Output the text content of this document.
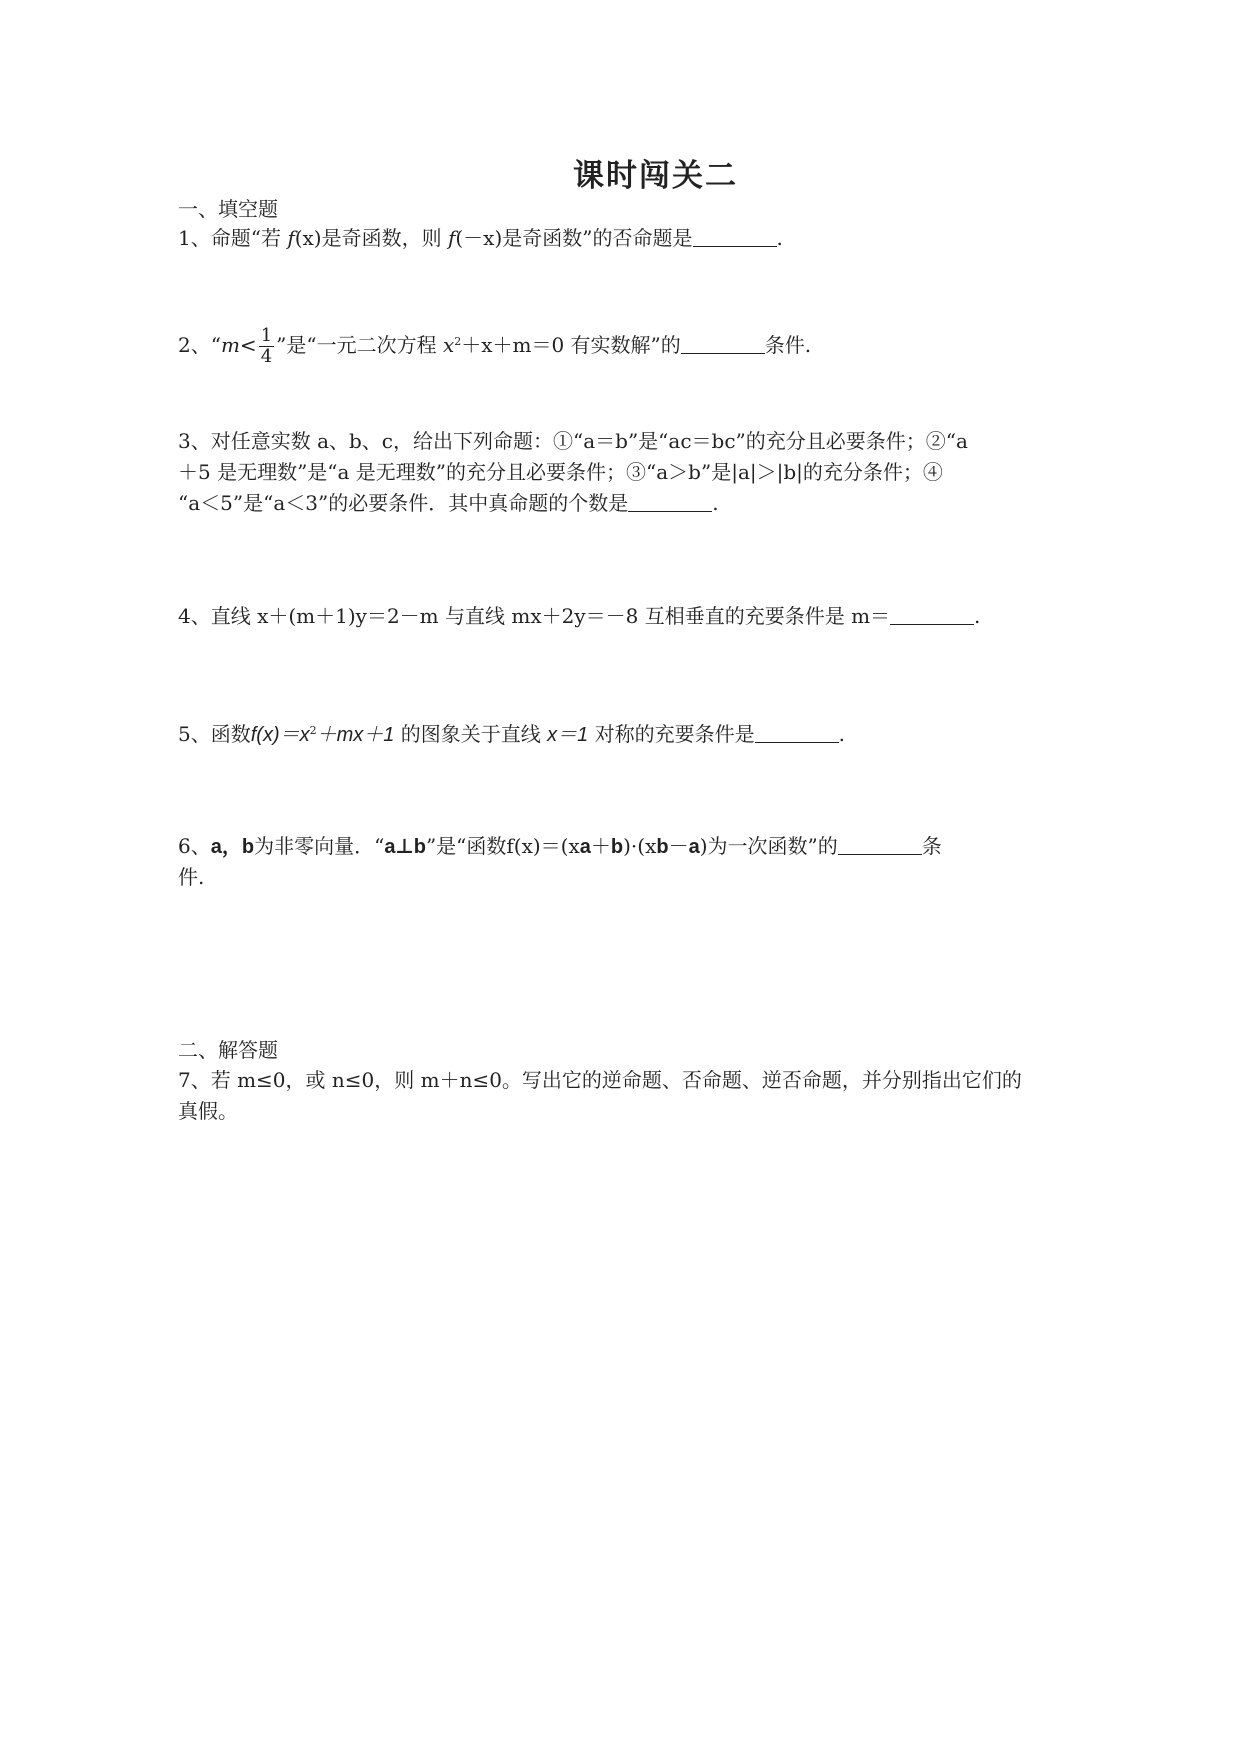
课时闯关二
一、填空题
1、命题“若 f(x)是奇函数，则 f(－x)是奇函数”的否命题是	.
2、“$m< \frac{1}{4}$ ”是“一元二次方程 $x^2+x+m=0$ 有实数解”的	条件.
3、对任意实数 a、b、c，给出下列命题：①“a＝b”是“ac＝bc”的充分且必要条件；②“a
＋5 是无理数”是“a 是无理数”的充分且必要条件；③“a＞b”是|a|＞|b|的充分条件；④
“a＜5”是“a＜3”的必要条件．其中真命题的个数是	.
4、直线 x＋(m＋1)y＝2－m 与直线 mx＋2y＝－8 互相垂直的充要条件是 m＝	.
5、函数$f(x)=x^2+mx+1$ 的图象关于直线 x＝1 对称的充要条件是	.
6、a，b为非零向量．“a⊥b”是“函数f(x)＝(xa＋b)·(xb－a)为一次函数”的	条
件.
二、解答题
7、若 m≤0，或 n≤0，则 m＋n≤0。写出它的逆命题、否命题、逆否命题，并分别指出它们的
真假。
